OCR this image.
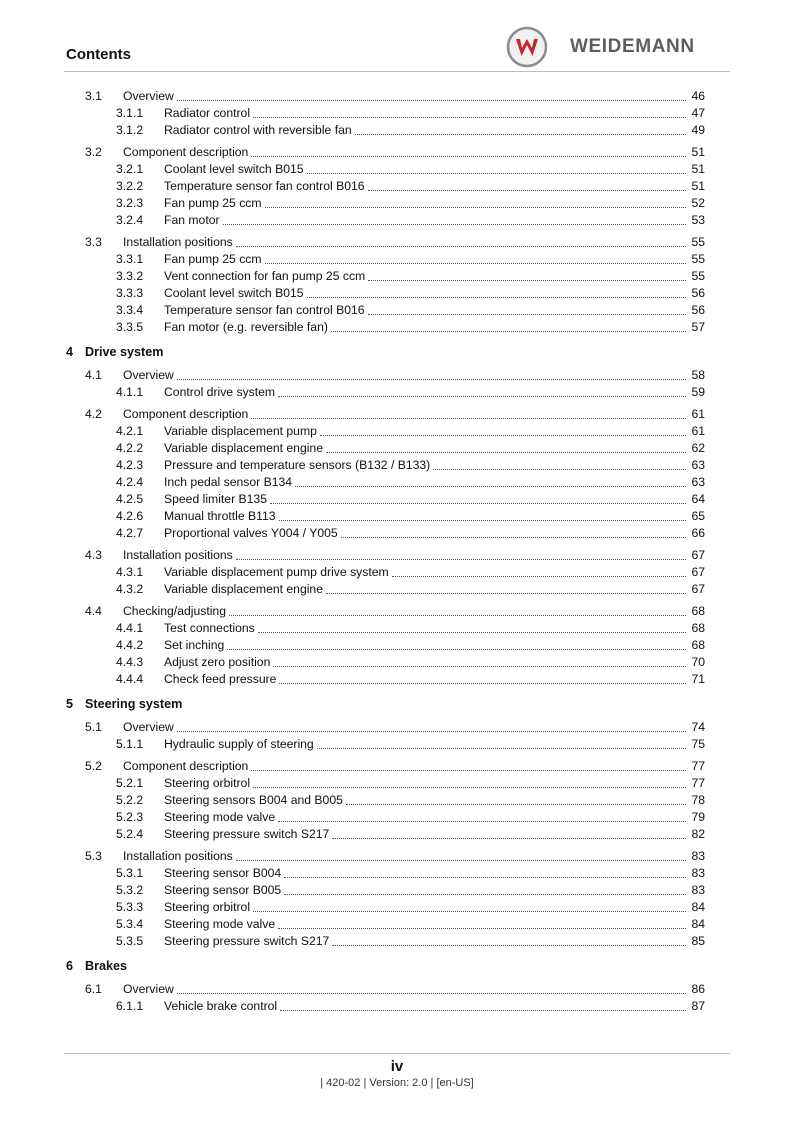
Contents	WEIDEMANN
3.1 Overview	46
3.1.1 Radiator control	47
3.1.2 Radiator control with reversible fan	49
3.2 Component description	51
3.2.1 Coolant level switch B015	51
3.2.2 Temperature sensor fan control B016	51
3.2.3 Fan pump 25 ccm	52
3.2.4 Fan motor	53
3.3 Installation positions	55
3.3.1 Fan pump 25 ccm	55
3.3.2 Vent connection for fan pump 25 ccm	55
3.3.3 Coolant level switch B015	56
3.3.4 Temperature sensor fan control B016	56
3.3.5 Fan motor (e.g. reversible fan)	57
4 Drive system
4.1 Overview	58
4.1.1 Control drive system	59
4.2 Component description	61
4.2.1 Variable displacement pump	61
4.2.2 Variable displacement engine	62
4.2.3 Pressure and temperature sensors (B132 / B133)	63
4.2.4 Inch pedal sensor B134	63
4.2.5 Speed limiter B135	64
4.2.6 Manual throttle B113	65
4.2.7 Proportional valves Y004 / Y005	66
4.3 Installation positions	67
4.3.1 Variable displacement pump drive system	67
4.3.2 Variable displacement engine	67
4.4 Checking/adjusting	68
4.4.1 Test connections	68
4.4.2 Set inching	68
4.4.3 Adjust zero position	70
4.4.4 Check feed pressure	71
5 Steering system
5.1 Overview	74
5.1.1 Hydraulic supply of steering	75
5.2 Component description	77
5.2.1 Steering orbitrol	77
5.2.2 Steering sensors B004 and B005	78
5.2.3 Steering mode valve	79
5.2.4 Steering pressure switch S217	82
5.3 Installation positions	83
5.3.1 Steering sensor B004	83
5.3.2 Steering sensor B005	83
5.3.3 Steering orbitrol	84
5.3.4 Steering mode valve	84
5.3.5 Steering pressure switch S217	85
6 Brakes
6.1 Overview	86
6.1.1 Vehicle brake control	87
iv
| 420-02 | Version: 2.0 | [en-US]
